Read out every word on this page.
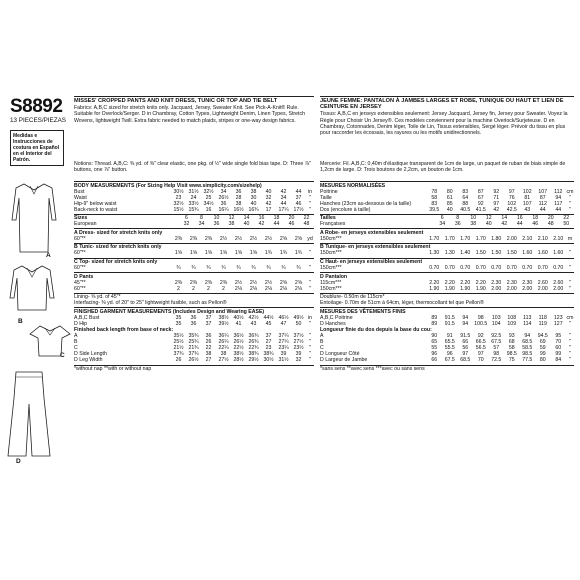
S8892
13 PIECES/PIEZAS
Medidas e Instrucciones de costura en Español en el Interior del Patrón.
A
B
C
D
MISSES' CROPPED PANTS AND KNIT DRESS, TUNIC OR TOP AND TIE BELT

Fabrics: A,B,C sized for stretch knits only. Jacquard, Jersey, Sweater Knit. See Pick-A-Knit® Rule. Suitable for Overlock/Serger. D in Chambray, Cotton Types, Lightweight Denim, Linen Types, Stretch Wovens, lightweight Twill. Extra fabric needed to match plaids, stripes or one-way design fabrics.

Notions: Thread. A,B,C: ⅜ yd. of ⅜" clear elastic, one pkg. of ½" wide single fold bias tape. D: Three ⅞" buttons, one ⅞" button.

JEUNE FEMME: PANTALON À JAMBES LARGES ET ROBE, TUNIQUE OU HAUT ET LIEN DE CEINTURE EN JERSEY

Tissus: A,B,C en jerseys extensibles seulement: Jersey Jacquard, Jersey fin, Jersey pour Sweater. Voyez la Règle pour Choisir Un Jersey®. Ces modèles conviennent pour la machine Overlock/Surjeteuse. D en Chambray, Cotonnades, Denim léger, Toile de Lin, Tissus extensibles, Sergé léger. Prévoir du tissu en plus pour raccorder les écossais, les rayures ou les motifs unidirectionnels.

Mercerie: Fil. A,B,C: 0,40m d'élastique transparent de 1cm de large, un paquet de ruban de biais simple de 1,2cm de large. D: Trois boutons de 2,2cm, un bouton de 1cm.

BODY MEASUREMENTS (For Sizing Help Visit www.simplicity.com/sizehelp)
Bust	30½ 31½ 32½	34	36	38	40	42	44	in
Waist	23	24	25	26½	28	30	32	34	37	"
Hip-9" below waist	32½ 33½ 34½	36	38	40	42	44	46	"
Back-neck to waist	15½ 15¾	16	16¼ 16½ 16¾	17	17¼ 17½	"
Sizes	6	8	10	12	14	16	18	20	22
European	32	34	36	38	40	42	44	46	48
A Dress- sized for stretch knits only
60"**	2⅜	2⅜	2⅜	2½	2½	2½	2½	2⅝	2⅝ yd
B Tunic- sized for stretch knits only
60"**	1⅝	1⅝	1⅝	1⅝	1⅝	1⅝	1¾	1¾	1¾	"
C Top- sized for stretch knits only
60"**	¾	¾	¾	¾	¾	¾	¾	¾	¾	"
D Pants
45"**	2⅜	2⅜	2⅜	2⅜	2½	2½	2½	2⅝	2⅝	"
60"**	2	2	2	2	2⅛	2⅛	2⅛	2⅛	2⅛	"
Lining- ⅝ yd. of 45"*
Interfacing- ⅜ yd. of 20" to 25" lightweight fusible, such as Pellon®
FINISHED GARMENT MEASUREMENTS (Includes Design and Wearing EASE)
A,B,C Bust	35	36	37	38½ 40½ 42½ 44½ 46½ 49½ in
D Hip	35	36	37	39½	41	43	45	47	50	"
Finished back length from base of neck:
A	35½ 35¾	36	36¼ 36½ 36¾	37	37¼ 37½	"
B	25½ 25¾	26	26¼ 26½ 26¾	27	27¼ 27½	"
C	21½ 21¾	22	22¼ 22½ 22¾	23	23¼ 23½	"
D Side Length	37¾ 37¾	38	38	38½ 38¾ 38¾	39	39	"
D Leg Width	26	26½	27	27½ 28½ 29½ 30½ 31½	32	"
*without nap **with or without nap
MESURES NORMALISÉES
Poitrine	78	80	83	87	92	97	102	107	112 cm
Taille	58	61	64	67	71	76	81	87	94	"
Hanches (23cm au-dessous de la taille)	83	85	88	92	97	102	107	112	117	"
Dos (encolure à taille)	39.5	40	40.5	41.5	42	42.5	43	44	44	"
Tailles	6	8	10	12	14	16	18	20	22
Françaises	34	36	38	40	42	44	46	48	50
A Robe- en jerseys extensibles seulement
150cm***	1.70	1.70	1.70	1.70	1.80	2.00	2.10	2.10	2.10 m
B Tunique- en jerseys extensibles seulement
150cm***	1.30	1.30	1.40	1.50	1.50	1.50	1.60	1.60	1.60	"
C Haut- en jerseys extensibles seulement
150cm***	0.70	0.70	0.70	0.70	0.70	0.70	0.70	0.70	0.70	"
D Pantalon
115cm***	2.20	2.20	2.20	2.20	2.30	2.30	2.30	2.60	2.60	"
150cm***	1.90	1.90	1.90	1.90	2.00	2.00	2.00	2.00	2.00	"
Doublure- 0.50m de 115cm*
Entoilage- 0.70m de 51cm à 64cm, léger, thermocollant tel que Pellon®
MESURES DES VÊTEMENTS FINIS
A,B,C Poitrine	89	91.5	94	98	103	108	113	118	123 cm
D Hanches	89	91.5	94	100.5 104	109	114	119	127	"
Longueur finie du dos depuis la base du cou:
A	90	91	91.5	92	92.5	93	94	94.5	95	"
B	65	65.5	66	66.5	67.5	68	68.5	69	70	"
C	55	55.5	56	56.5	57	58	58.5	59	60	"
D Longueur Côté	96	96	97	97	98	98.5	98.5	99	99	"
D Largeur de Jambe	66	67.5	68.5	70	72.5	75	77.5	80	84	"
*sans sens **avec sens ***avec ou sans sens
